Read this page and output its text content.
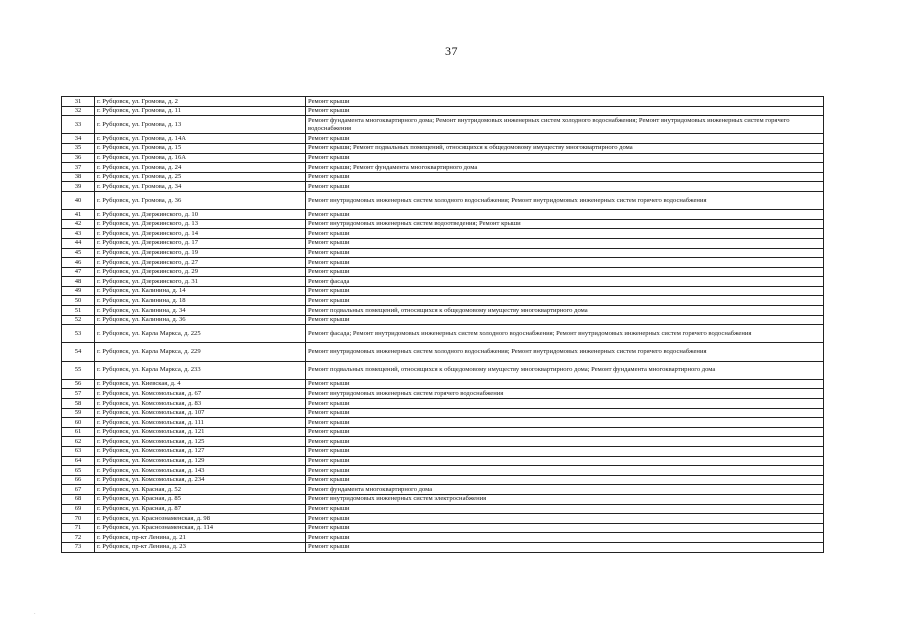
37
31	г. Рубцовск, ул. Громова, д. 2	Ремонт крыши
32	г. Рубцовск, ул. Громова, д. 11	Ремонт крыши
33	г. Рубцовск, ул. Громова, д. 13	Ремонт фундамента многоквартирного дома; Ремонт внутридомовых инженерных систем холодного водоснабжения; Ремонт внутридомовых инженерных систем горячего водоснабжения
34	г. Рубцовск, ул. Громова, д. 14А	Ремонт крыши
35	г. Рубцовск, ул. Громова, д. 15	Ремонт крыши; Ремонт подвальных помещений, относящихся к общедомовому имуществу многоквартирного дома
36	г. Рубцовск, ул. Громова, д. 16А	Ремонт крыши
37	г. Рубцовск, ул. Громова, д. 24	Ремонт крыши; Ремонт фундамента многоквартирного дома
38	г. Рубцовск, ул. Громова, д. 25	Ремонт крыши
39	г. Рубцовск, ул. Громова, д. 34	Ремонт крыши
40	г. Рубцовск, ул. Громова, д. 36	Ремонт внутридомовых инженерных систем холодного водоснабжения; Ремонт внутридомовых инженерных систем горячего водоснабжения
41	г. Рубцовск, ул. Дзержинского, д. 10	Ремонт крыши
42	г. Рубцовск, ул. Дзержинского, д. 13	Ремонт внутридомовых инженерных систем водоотведения; Ремонт крыши
43	г. Рубцовск, ул. Дзержинского, д. 14	Ремонт крыши
44	г. Рубцовск, ул. Дзержинского, д. 17	Ремонт крыши
45	г. Рубцовск, ул. Дзержинского, д. 19	Ремонт крыши
46	г. Рубцовск, ул. Дзержинского, д. 27	Ремонт крыши
47	г. Рубцовск, ул. Дзержинского, д. 29	Ремонт крыши
48	г. Рубцовск, ул. Дзержинского, д. 31	Ремонт фасада
49	г. Рубцовск, ул. Калинина, д. 14	Ремонт крыши
50	г. Рубцовск, ул. Калинина, д. 18	Ремонт крыши
51	г. Рубцовск, ул. Калинина, д. 34	Ремонт подвальных помещений, относящихся к общедомовому имуществу многоквартирного дома
52	г. Рубцовск, ул. Калинина, д. 36	Ремонт крыши
53	г. Рубцовск, ул. Карла Маркса, д. 225	Ремонт фасада; Ремонт внутридомовых инженерных систем холодного водоснабжения; Ремонт внутридомовых инженерных систем горячего водоснабжения
54	г. Рубцовск, ул. Карла Маркса, д. 229	Ремонт внутридомовых инженерных систем холодного водоснабжения; Ремонт внутридомовых инженерных систем горячего водоснабжения
55	г. Рубцовск, ул. Карла Маркса, д. 233	Ремонт подвальных помещений, относящихся к общедомовому имуществу многоквартирного дома; Ремонт фундамента многоквартирного дома
56	г. Рубцовск, ул. Киевская, д. 4	Ремонт крыши
57	г. Рубцовск, ул. Комсомольская, д. 67	Ремонт внутридомовых инженерных систем горячего водоснабжения
58	г. Рубцовск, ул. Комсомольская, д. 83	Ремонт крыши
59	г. Рубцовск, ул. Комсомольская, д. 107	Ремонт крыши
60	г. Рубцовск, ул. Комсомольская, д. 111	Ремонт крыши
61	г. Рубцовск, ул. Комсомольская, д. 121	Ремонт крыши
62	г. Рубцовск, ул. Комсомольская, д. 125	Ремонт крыши
63	г. Рубцовск, ул. Комсомольская, д. 127	Ремонт крыши
64	г. Рубцовск, ул. Комсомольская, д. 129	Ремонт крыши
65	г. Рубцовск, ул. Комсомольская, д. 143	Ремонт крыши
66	г. Рубцовск, ул. Комсомольская, д. 234	Ремонт крыши
67	г. Рубцовск, ул. Красная, д. 52	Ремонт фундамента многоквартирного дома
68	г. Рубцовск, ул. Красная, д. 85	Ремонт внутридомовых инженерных систем электроснабжения
69	г. Рубцовск, ул. Красная, д. 87	Ремонт крыши
70	г. Рубцовск, ул. Краснознаменская, д. 98	Ремонт крыши
71	г. Рубцовск, ул. Краснознаменская, д. 114	Ремонт крыши
72	г. Рубцовск, пр-кт Ленина, д. 21	Ремонт крыши
73	г. Рубцовск, пр-кт Ленина, д. 23	Ремонт крыши
·
